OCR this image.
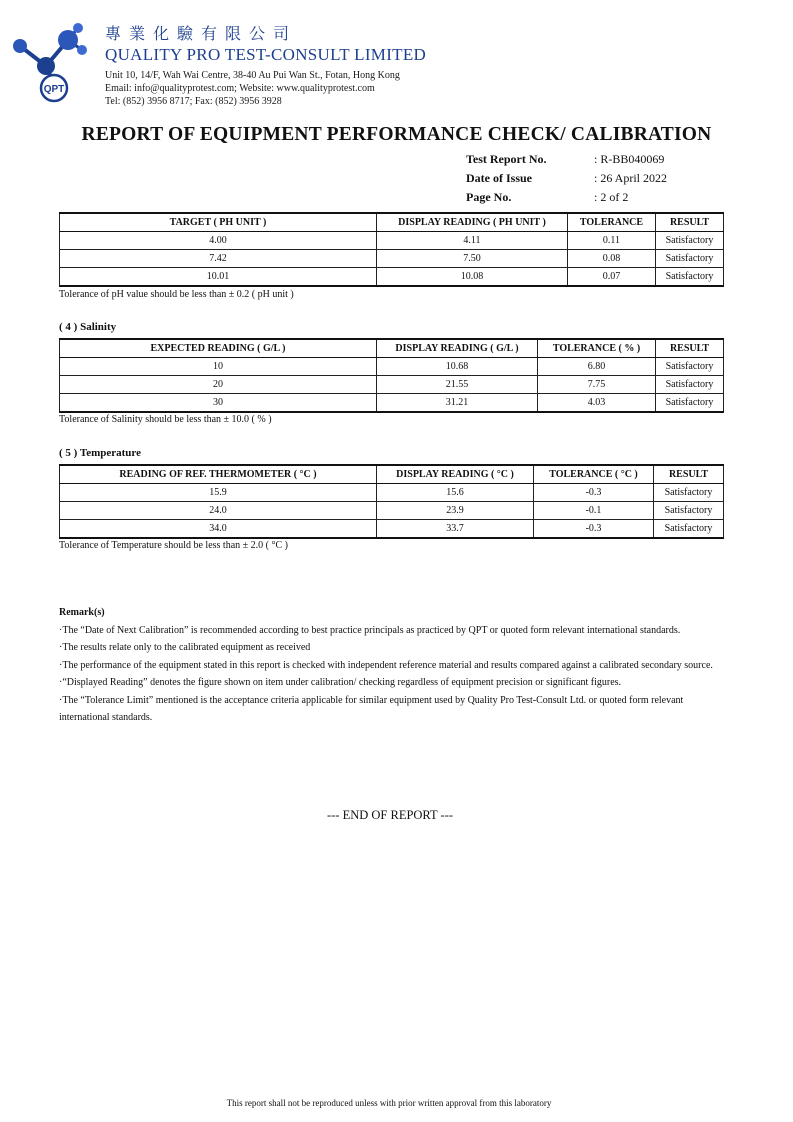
QPT
專業化驗有限公司
QUALITY PRO TEST-CONSULT LIMITED
Unit 10, 14/F, Wah Wai Centre, 38-40 Au Pui Wan St., Fotan, Hong Kong
Email: info@qualityprotest.com; Website: www.qualityprotest.com
Tel: (852) 3956 8717; Fax: (852) 3956 3928
REPORT OF EQUIPMENT PERFORMANCE CHECK/ CALIBRATION
Test Report No.	: R-BB040069
Date of Issue	: 26 April 2022
Page No.	: 2 of 2
TARGET ( PH UNIT )	DISPLAY READING ( PH UNIT )	TOLERANCE	RESULT
4.00	4.11	0.11	Satisfactory
7.42	7.50	0.08	Satisfactory
10.01	10.08	0.07	Satisfactory
Tolerance of pH value should be less than ± 0.2 ( pH unit )
( 4 ) Salinity
EXPECTED READING ( G/L )	DISPLAY READING ( G/L )	TOLERANCE ( % )	RESULT
10	10.68	6.80	Satisfactory
20	21.55	7.75	Satisfactory
30	31.21	4.03	Satisfactory
Tolerance of Salinity should be less than ± 10.0 ( % )
( 5 ) Temperature
READING OF REF. THERMOMETER ( °C )	DISPLAY READING ( °C )	TOLERANCE ( °C )	RESULT
15.9	15.6	-0.3	Satisfactory
24.0	23.9	-0.1	Satisfactory
34.0	33.7	-0.3	Satisfactory
Tolerance of Temperature should be less than ± 2.0 ( °C )
Remark(s)
·The “Date of Next Calibration” is recommended according to best practice principals as practiced by QPT or quoted form relevant international standards.
·The results relate only to the calibrated equipment as received
·The performance of the equipment stated in this report is checked with independent reference material and results compared against a calibrated secondary source.
·“Displayed Reading” denotes the figure shown on item under calibration/ checking regardless of equipment precision or significant figures.
·The “Tolerance Limit” mentioned is the acceptance criteria applicable for similar equipment used by Quality Pro Test-Consult Ltd. or quoted form relevant international standards.
--- END OF REPORT ---
This report shall not be reproduced unless with prior written approval from this laboratory
